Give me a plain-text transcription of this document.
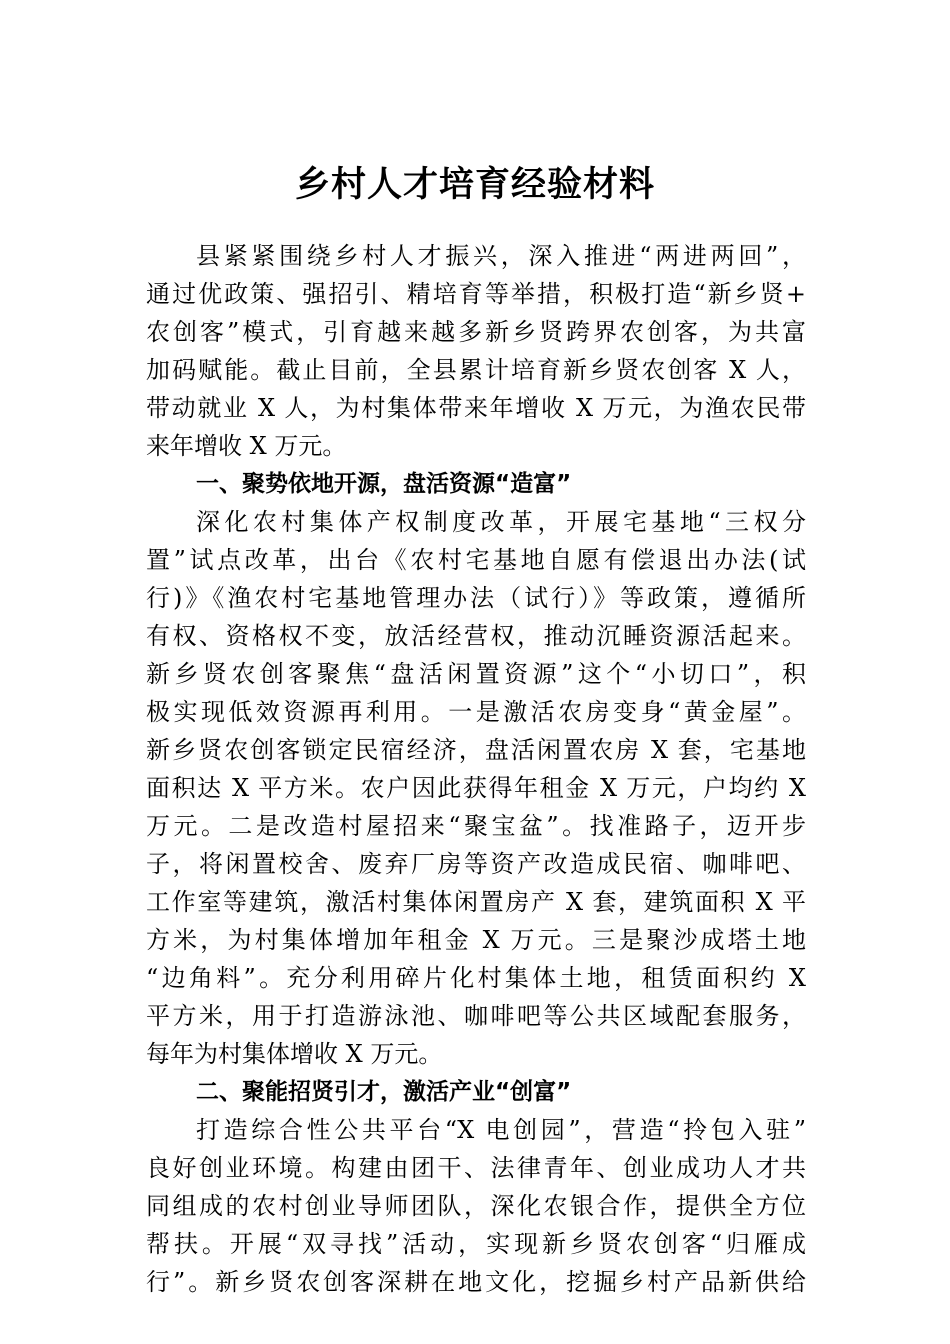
乡村人才培育经验材料
县紧紧围绕乡村人才振兴，深入推进“两进两回”，
通过优政策、强招引、精培育等举措，积极打造“新乡贤+
农创客”模式，引育越来越多新乡贤跨界农创客，为共富
加码赋能。截止目前，全县累计培育新乡贤农创客 X 人，
带动就业 X 人，为村集体带来年增收 X 万元，为渔农民带
来年增收 X 万元。
一、聚势依地开源，盘活资源“造富”
深化农村集体产权制度改革，开展宅基地“三权分
置”试点改革，出台《农村宅基地自愿有偿退出办法(试
行)》《渔农村宅基地管理办法（试行）》等政策，遵循所
有权、资格权不变，放活经营权，推动沉睡资源活起来。
新乡贤农创客聚焦“盘活闲置资源”这个“小切口”，积
极实现低效资源再利用。一是激活农房变身“黄金屋”。
新乡贤农创客锁定民宿经济，盘活闲置农房 X 套，宅基地
面积达 X 平方米。农户因此获得年租金 X 万元，户均约 X
万元。二是改造村屋招来“聚宝盆”。找准路子，迈开步
子，将闲置校舍、废弃厂房等资产改造成民宿、咖啡吧、
工作室等建筑，激活村集体闲置房产 X 套，建筑面积 X 平
方米，为村集体增加年租金 X 万元。三是聚沙成塔土地
“边角料”。充分利用碎片化村集体土地，租赁面积约 X
平方米，用于打造游泳池、咖啡吧等公共区域配套服务，
每年为村集体增收 X 万元。
二、聚能招贤引才，激活产业“创富”
打造综合性公共平台“X 电创园”，营造“拎包入驻”
良好创业环境。构建由团干、法律青年、创业成功人才共
同组成的农村创业导师团队，深化农银合作，提供全方位
帮扶。开展“双寻找”活动，实现新乡贤农创客“归雁成
行”。新乡贤农创客深耕在地文化，挖掘乡村产品新供给
